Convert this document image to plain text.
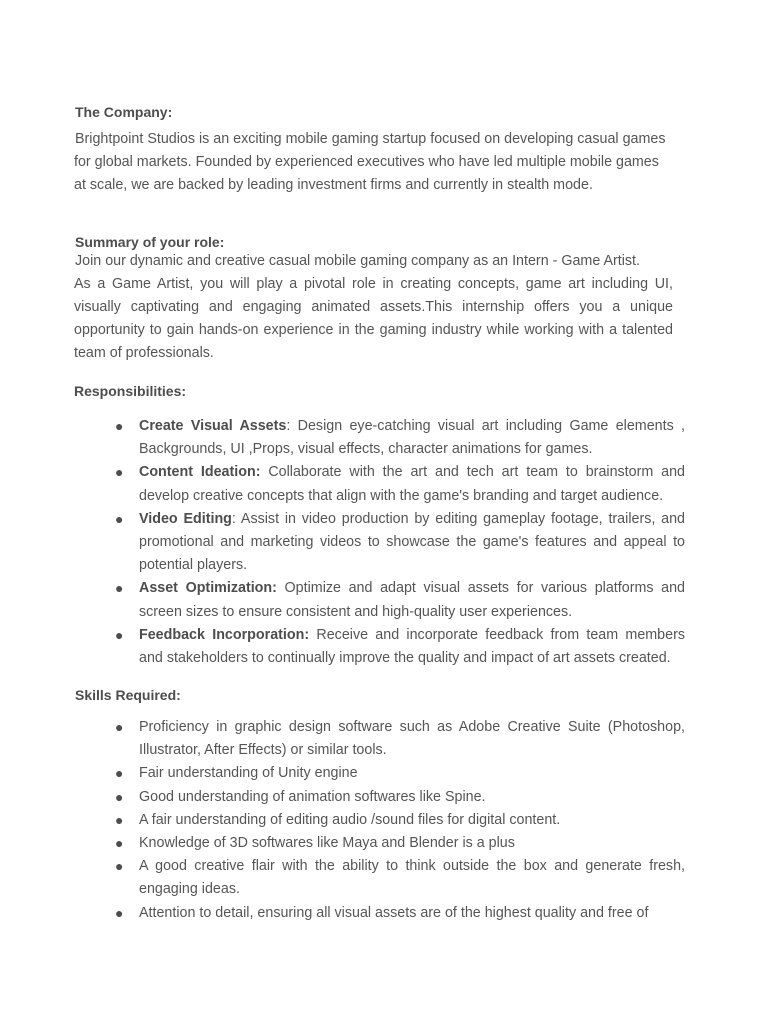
The Company:

Brightpoint Studios is an exciting mobile gaming startup focused on developing casual games

for global markets. Founded by experienced executives who have led multiple mobile games

at scale, we are backed by leading investment firms and currently in stealth mode.

Summary of your role:

Join our dynamic and creative casual mobile gaming company as an Intern - Game Artist.

As a Game Artist, you will play a pivotal role in creating concepts, game art including UI, visually captivating and engaging animated assets.This internship offers you a unique opportunity to gain hands-on experience in the gaming industry while working with a talented team of professionals.

Responsibilities:
● Create Visual Assets: Design eye-catching visual art including Game elements , Backgrounds, UI ,Props, visual effects, character animations for games.
● Content Ideation: Collaborate with the art and tech art team to brainstorm and develop creative concepts that align with the game's branding and target audience.
● Video Editing: Assist in video production by editing gameplay footage, trailers, and promotional and marketing videos to showcase the game's features and appeal to potential players.
● Asset Optimization: Optimize and adapt visual assets for various platforms and screen sizes to ensure consistent and high-quality user experiences.
● Feedback Incorporation: Receive and incorporate feedback from team members and stakeholders to continually improve the quality and impact of art assets created.
Skills Required:
● Proficiency in graphic design software such as Adobe Creative Suite (Photoshop, Illustrator, After Effects) or similar tools.
● Fair understanding of Unity engine
● Good understanding of animation softwares like Spine.
● A fair understanding of editing audio /sound files for digital content.
● Knowledge of 3D softwares like Maya and Blender is a plus
● A good creative flair with the ability to think outside the box and generate fresh, engaging ideas.
● Attention to detail, ensuring all visual assets are of the highest quality and free of
